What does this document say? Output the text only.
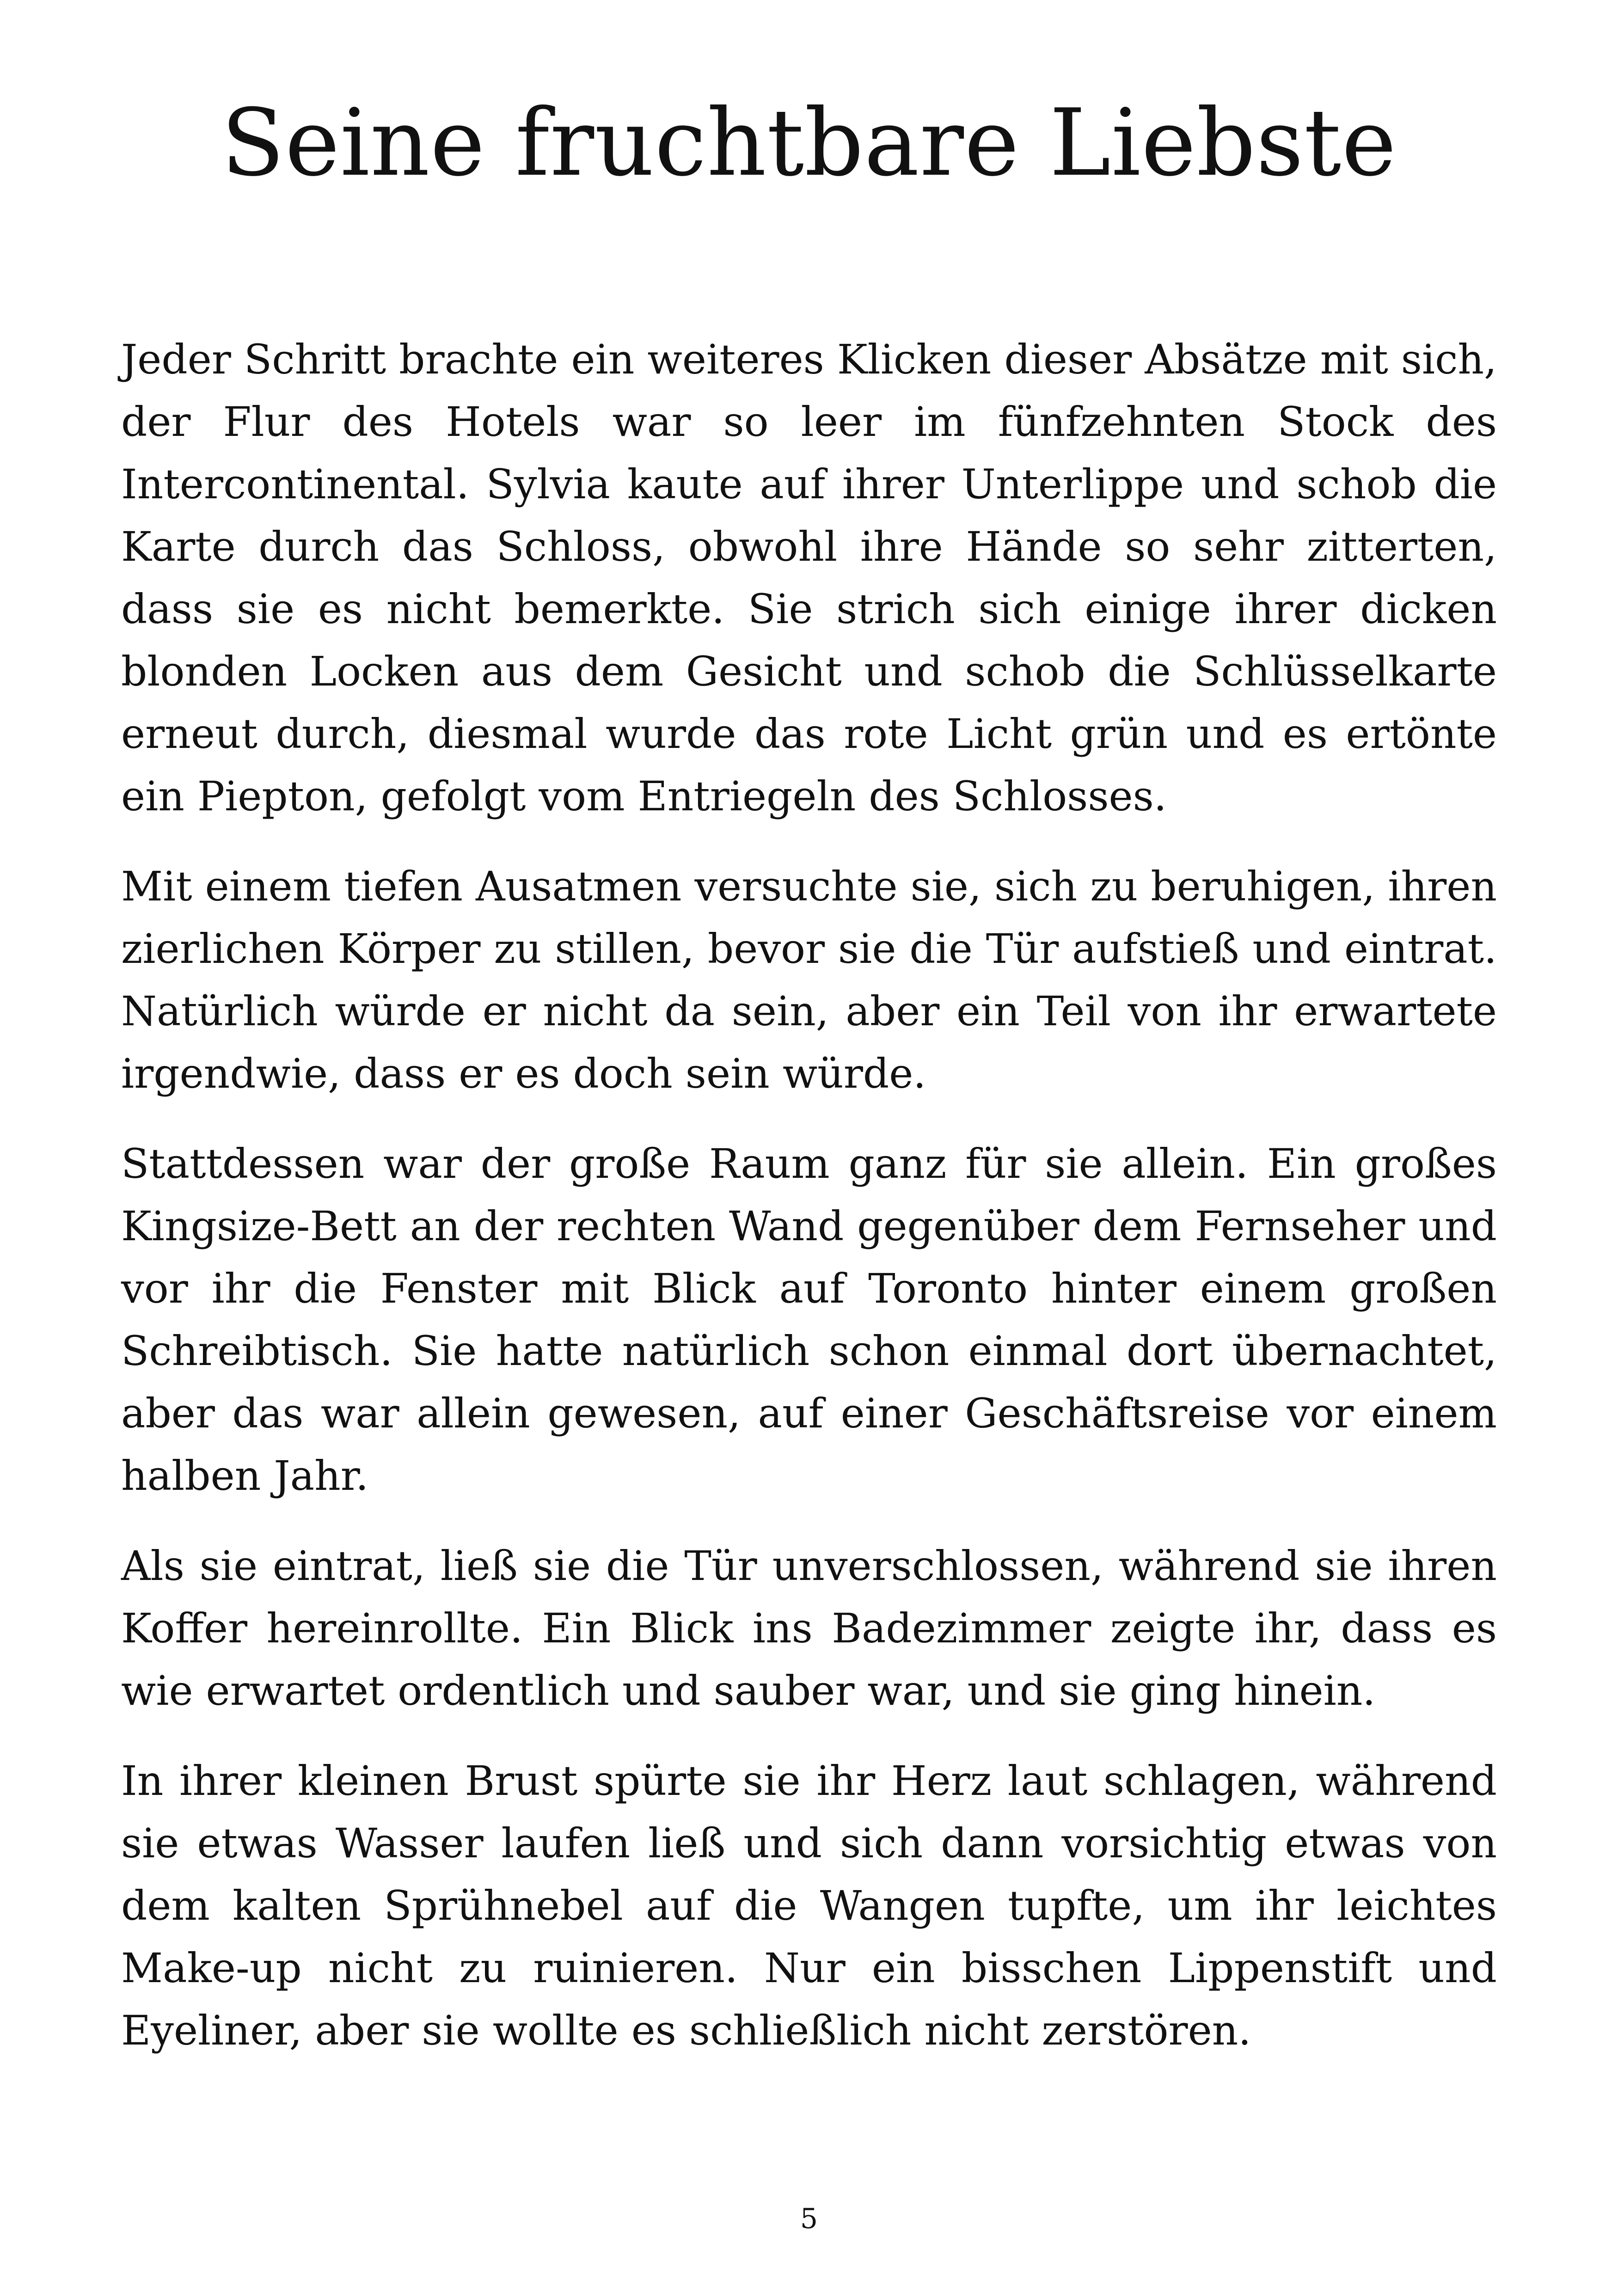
Seine fruchtbare Liebste

Jeder Schritt brachte ein weiteres Klicken dieser Absätze mit sich, der Flur des Hotels war so leer im fünfzehnten Stock des Intercontinental. Sylvia kaute auf ihrer Unterlippe und schob die Karte durch das Schloss, obwohl ihre Hände so sehr zitterten, dass sie es nicht bemerkte. Sie strich sich einige ihrer dicken blonden Locken aus dem Gesicht und schob die Schlüsselkarte erneut durch, diesmal wurde das rote Licht grün und es ertönte ein Piepton, gefolgt vom Entriegeln des Schlosses.

Mit einem tiefen Ausatmen versuchte sie, sich zu beruhigen, ihren zierlichen Körper zu stillen, bevor sie die Tür aufstieß und eintrat. Natürlich würde er nicht da sein, aber ein Teil von ihr erwartete irgendwie, dass er es doch sein würde.

Stattdessen war der große Raum ganz für sie allein. Ein großes Kingsize-Bett an der rechten Wand gegenüber dem Fernseher und vor ihr die Fenster mit Blick auf Toronto hinter einem großen Schreibtisch. Sie hatte natürlich schon einmal dort übernachtet, aber das war allein gewesen, auf einer Geschäftsreise vor einem halben Jahr.

Als sie eintrat, ließ sie die Tür unverschlossen, während sie ihren Koffer hereinrollte. Ein Blick ins Badezimmer zeigte ihr, dass es wie erwartet ordentlich und sauber war, und sie ging hinein.

In ihrer kleinen Brust spürte sie ihr Herz laut schlagen, während sie etwas Wasser laufen ließ und sich dann vorsichtig etwas von dem kalten Sprühnebel auf die Wangen tupfte, um ihr leichtes Make-up nicht zu ruinieren. Nur ein bisschen Lippenstift und Eyeliner, aber sie wollte es schließlich nicht zerstören.

5
